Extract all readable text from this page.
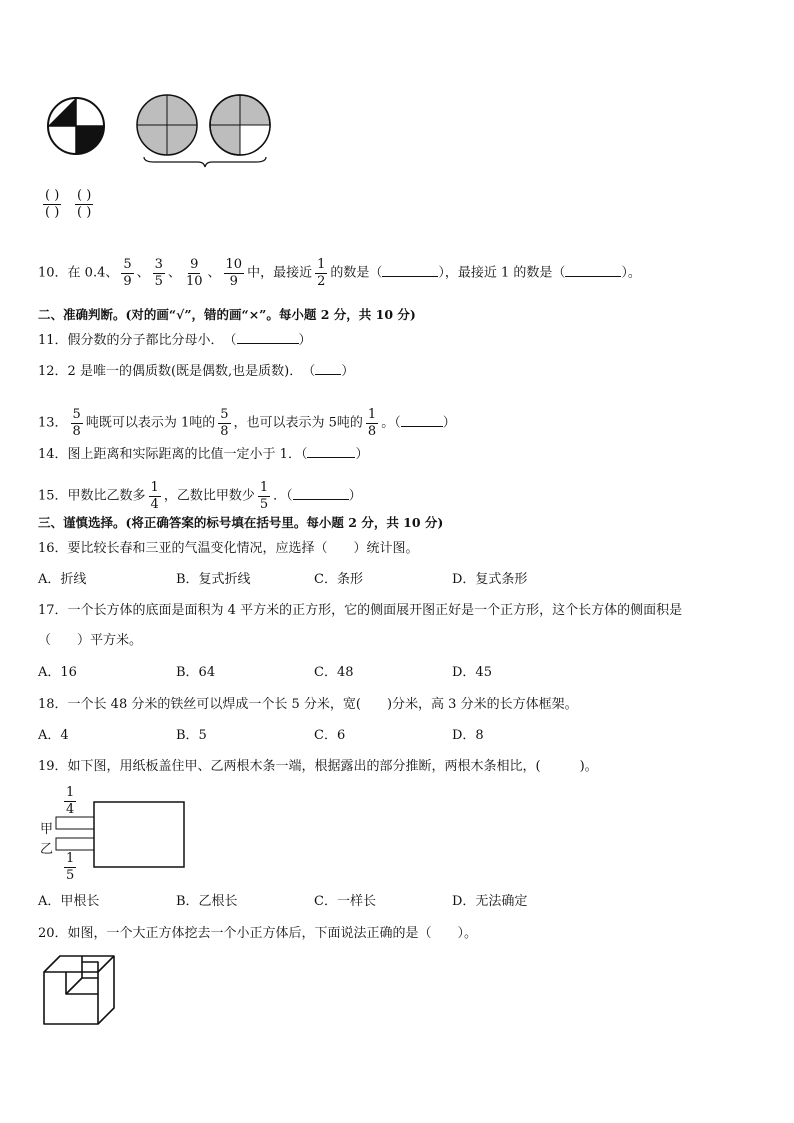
$\frac{( )}{( )} \frac{( )}{( )}$
10．在 0.4、 $\frac{5}{9}$ 、 $\frac{3}{5}$ 、 $\frac{9}{10}$ 、 $\frac{10}{9}$ 中，最接近 $\frac{1}{2}$ 的数是（	），最接近 1 的数是（	）。
二、准确判断。(对的画“√”，错的画“×”。每小题 2 分，共 10 分)
11．假分数的分子都比分母小．　（	）
12．2 是唯一的偶质数(既是偶数,也是质数)．　（ ）
13． $\frac{5}{8}$ 吨既可以表示为 1吨的 $\frac{5}{8}$ ，也可以表示为 5吨的 $\frac{1}{8}$ 。（	）
14．图上距离和实际距离的比值一定小于 1．（	）
15．甲数比乙数多 $\frac{1}{4}$ ，乙数比甲数少 $\frac{1}{5}$ ．（	）
三、谨慎选择。(将正确答案的标号填在括号里。每小题 2 分，共 10 分)
16．要比较长春和三亚的气温变化情况，应选择（　　）统计图。
A．折线	B．复式折线	C．条形	D．复式条形
17．一个长方体的底面是面积为 4 平方米的正方形，它的侧面展开图正好是一个正方形，这个长方体的侧面积是
（　　）平方米。
A．16	B．64	C．48	D．45
18．一个长 48 分米的铁丝可以焊成一个长 5 分米，宽(　　)分米，高 3 分米的长方体框架。
A．4	B．5	C．6	D．8
19．如下图，用纸板盖住甲、乙两根木条一端，根据露出的部分推断，两根木条相比，(　　　)。
$\frac{1}{4}$
甲
乙
$\frac{1}{5}$
A．甲根长	B．乙根长	C．一样长	D．无法确定
20．如图，一个大正方体挖去一个小正方体后，下面说法正确的是（　　）。
